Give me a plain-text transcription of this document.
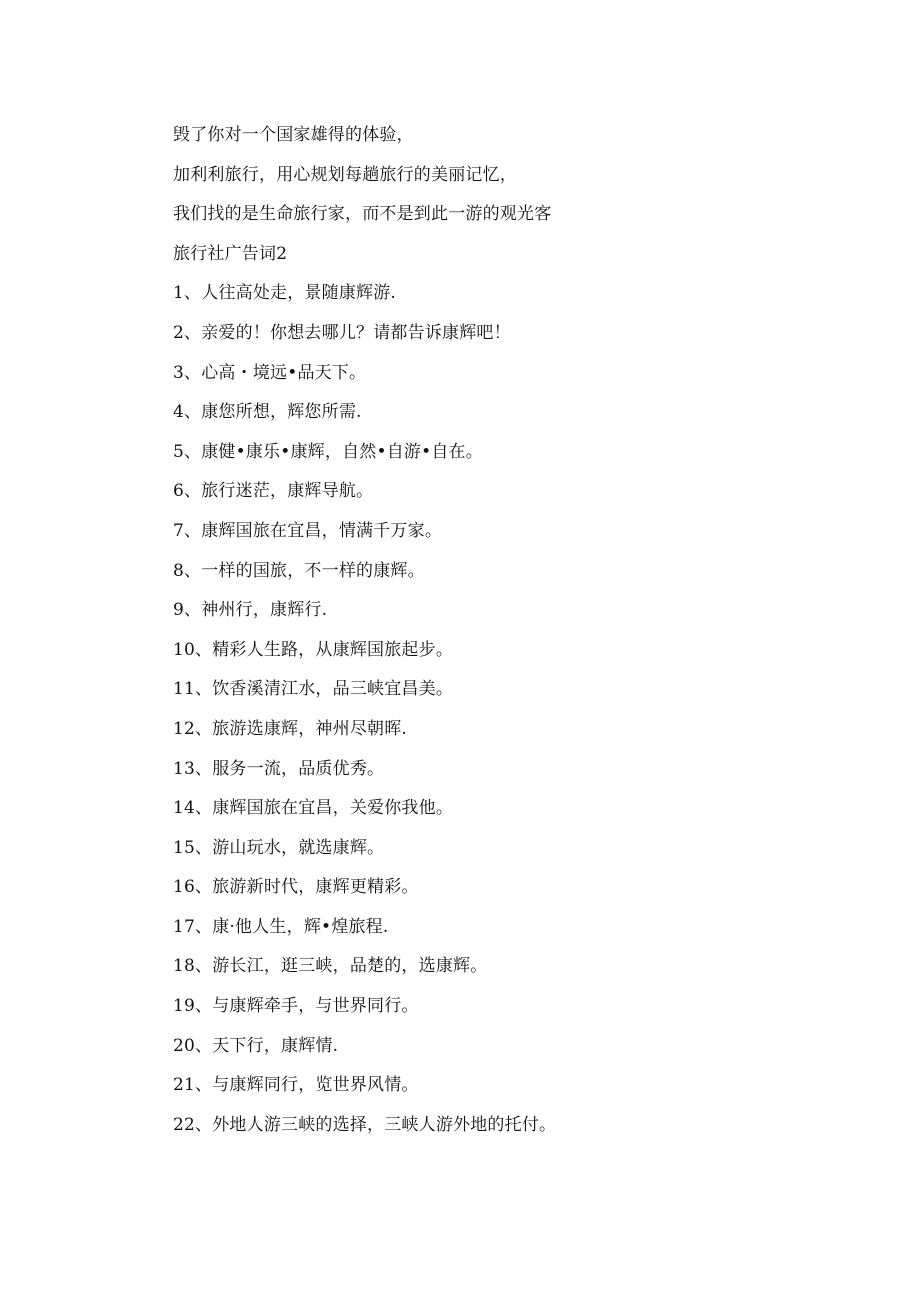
毁了你对一个国家雄得的体验，
加利利旅行，用心规划每趟旅行的美丽记忆，
我们找的是生命旅行家，而不是到此一游的观光客
旅行社广告词2
1、人往高处走，景随康辉游.
2、亲爱的！你想去哪儿？请都告诉康辉吧！
3、心高・境远•品天下。
4、康您所想，辉您所需.
5、康健•康乐•康辉，自然•自游•自在。
6、旅行迷茫，康辉导航。
7、康辉国旅在宜昌，情满千万家。
8、一样的国旅，不一样的康辉。
9、神州行，康辉行.
10、精彩人生路，从康辉国旅起步。
11、饮香溪清江水，品三峡宜昌美。
12、旅游选康辉，神州尽朝晖.
13、服务一流，品质优秀。
14、康辉国旅在宜昌，关爱你我他。
15、游山玩水，就选康辉。
16、旅游新时代，康辉更精彩。
17、康·他人生，辉•煌旅程.
18、游长江，逛三峡，品楚的，选康辉。
19、与康辉牵手，与世界同行。
20、天下行，康辉情.
21、与康辉同行，览世界风情。
22、外地人游三峡的选择，三峡人游外地的托付。
